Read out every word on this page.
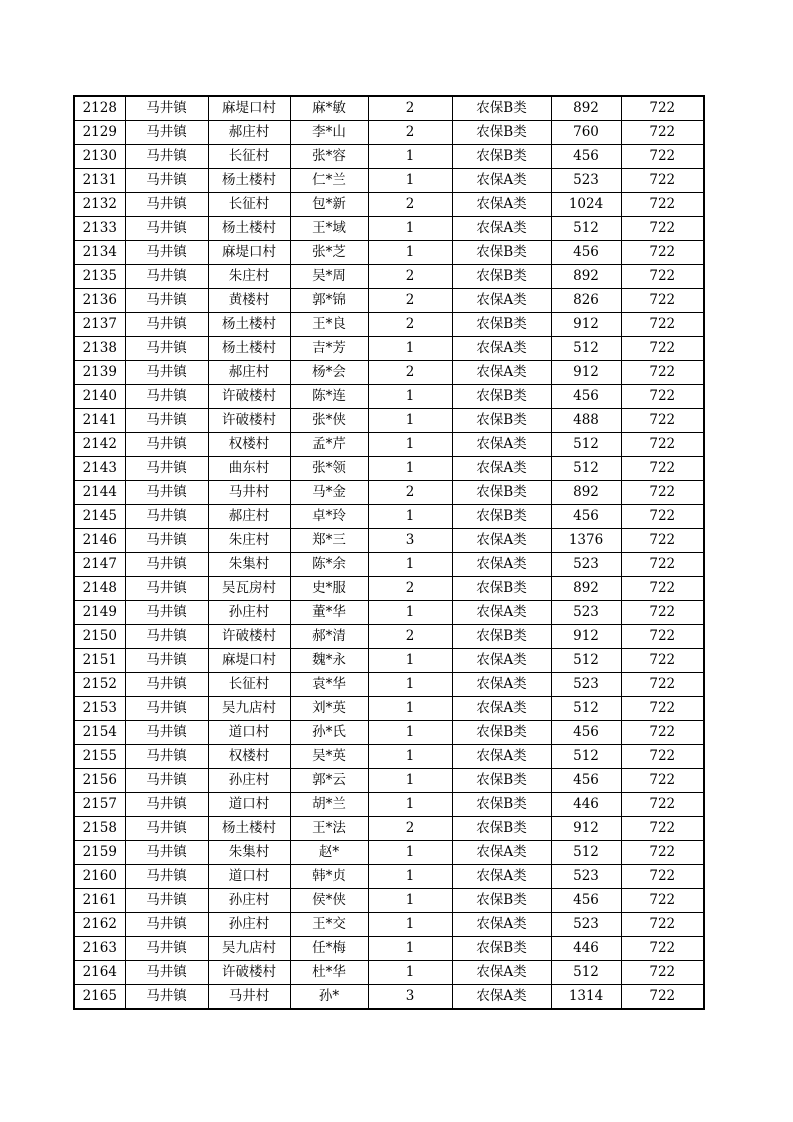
2128	马井镇	麻堤口村	麻*敏	2	农保B类	892	722
2129	马井镇	郝庄村	李*山	2	农保B类	760	722
2130	马井镇	长征村	张*容	1	农保B类	456	722
2131	马井镇	杨土楼村	仁*兰	1	农保A类	523	722
2132	马井镇	长征村	包*新	2	农保A类	1024	722
2133	马井镇	杨土楼村	王*域	1	农保A类	512	722
2134	马井镇	麻堤口村	张*芝	1	农保B类	456	722
2135	马井镇	朱庄村	吴*周	2	农保B类	892	722
2136	马井镇	黄楼村	郭*锦	2	农保A类	826	722
2137	马井镇	杨土楼村	王*良	2	农保B类	912	722
2138	马井镇	杨土楼村	吉*芳	1	农保A类	512	722
2139	马井镇	郝庄村	杨*会	2	农保A类	912	722
2140	马井镇	许破楼村	陈*连	1	农保B类	456	722
2141	马井镇	许破楼村	张*侠	1	农保B类	488	722
2142	马井镇	权楼村	孟*芹	1	农保A类	512	722
2143	马井镇	曲东村	张*领	1	农保A类	512	722
2144	马井镇	马井村	马*金	2	农保B类	892	722
2145	马井镇	郝庄村	卓*玲	1	农保B类	456	722
2146	马井镇	朱庄村	郑*三	3	农保A类	1376	722
2147	马井镇	朱集村	陈*余	1	农保A类	523	722
2148	马井镇	吴瓦房村	史*服	2	农保B类	892	722
2149	马井镇	孙庄村	董*华	1	农保A类	523	722
2150	马井镇	许破楼村	郝*清	2	农保B类	912	722
2151	马井镇	麻堤口村	魏*永	1	农保A类	512	722
2152	马井镇	长征村	袁*华	1	农保A类	523	722
2153	马井镇	吴九店村	刘*英	1	农保A类	512	722
2154	马井镇	道口村	孙*氏	1	农保B类	456	722
2155	马井镇	权楼村	吴*英	1	农保A类	512	722
2156	马井镇	孙庄村	郭*云	1	农保B类	456	722
2157	马井镇	道口村	胡*兰	1	农保B类	446	722
2158	马井镇	杨土楼村	王*法	2	农保B类	912	722
2159	马井镇	朱集村	赵*	1	农保A类	512	722
2160	马井镇	道口村	韩*贞	1	农保A类	523	722
2161	马井镇	孙庄村	侯*侠	1	农保B类	456	722
2162	马井镇	孙庄村	王*交	1	农保A类	523	722
2163	马井镇	吴九店村	任*梅	1	农保B类	446	722
2164	马井镇	许破楼村	杜*华	1	农保A类	512	722
2165	马井镇	马井村	孙*	3	农保A类	1314	722
